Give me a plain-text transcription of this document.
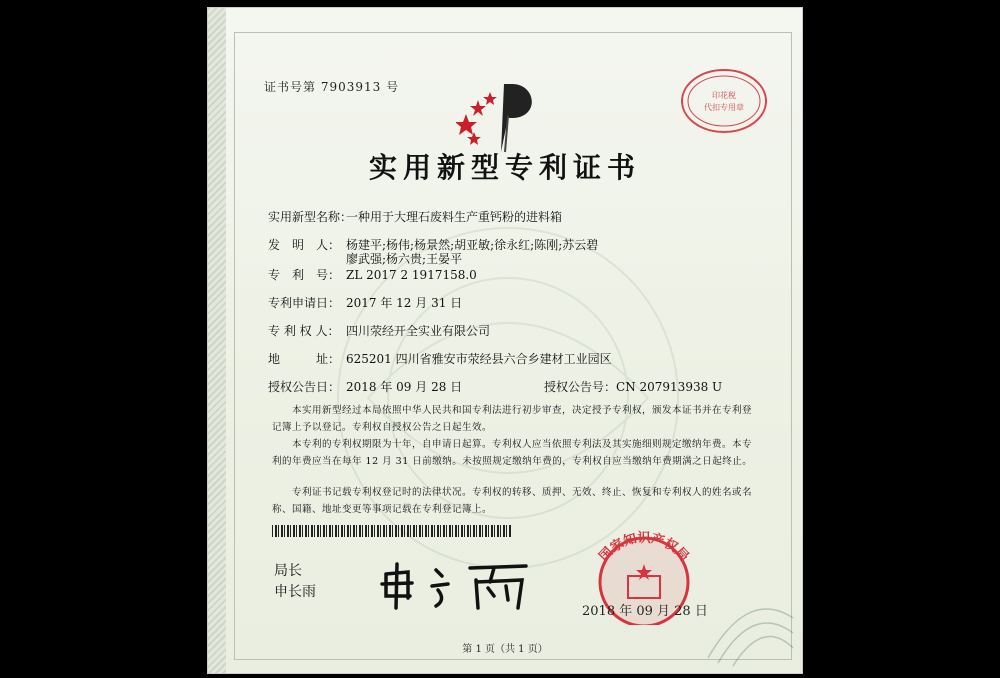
证书号第 7903913 号
实用新型专利证书
实用新型名称：一种用于大理石废料生产重钙粉的进料箱
发　明　人： 杨建平;杨伟;杨景然;胡亚敏;徐永红;陈刚;苏云碧
廖武强;杨六贵;王晏平
专　利　号： ZL 2017 2 1917158.0
专利申请日： 2017 年 12 月 31 日
专 利 权 人： 四川荥经开全实业有限公司
地　　　址： 625201 四川省雅安市荥经县六合乡建材工业园区
授权公告日： 2018 年 09 月 28 日	授权公告号：CN 207913938 U
本实用新型经过本局依照中华人民共和国专利法进行初步审查，决定授予专利权，颁发本证书并在专利登记簿上予以登记。专利权自授权公告之日起生效。
本专利的专利权期限为十年，自申请日起算。专利权人应当依照专利法及其实施细则规定缴纳年费。本专利的年费应当在每年 12 月 31 日前缴纳。未按照规定缴纳年费的，专利权自应当缴纳年费期满之日起终止。
专利证书记载专利权登记时的法律状况。专利权的转移、质押、无效、终止、恢复和专利权人的姓名或名称、国籍、地址变更等事项记载在专利登记簿上。
局长
申长雨
印花税
代扣专用章
国家知识产权局
2018 年 09 月 28 日
第 1 页（共 1 页）
